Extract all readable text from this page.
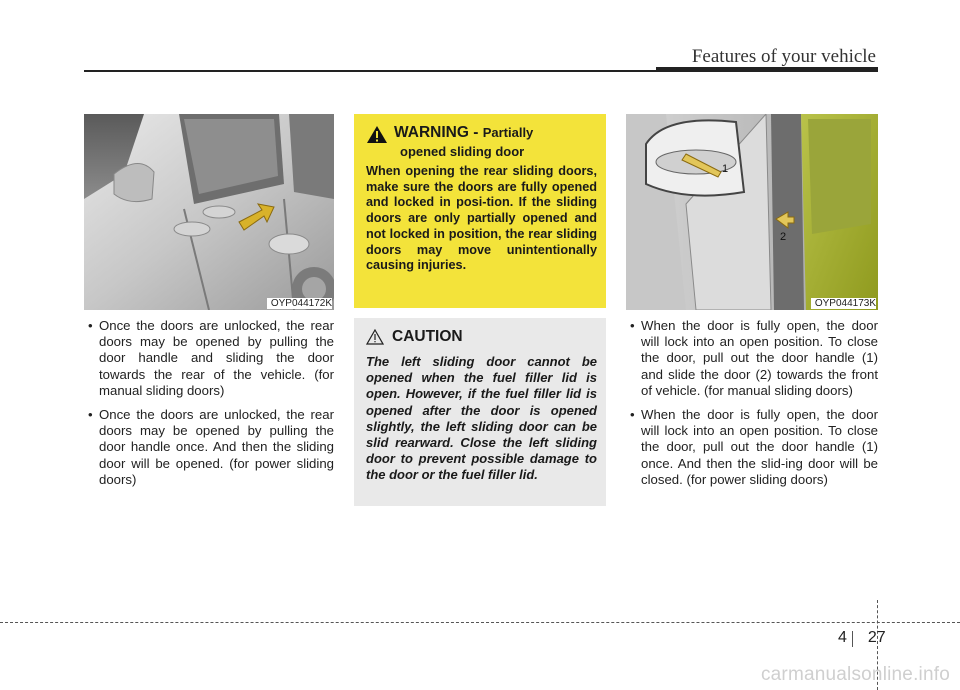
Features of your vehicle
OYP044172K
• Once the doors are unlocked, the rear doors may be opened by pulling the door handle and sliding the door towards the rear of the vehicle. (for manual sliding doors)
• Once the doors are unlocked, the rear doors may be opened by pulling the door handle once. And then the sliding door will be opened. (for power sliding doors)
WARNING - Partially
opened sliding door
When opening the rear sliding doors, make sure the doors are fully opened and locked in posi-tion. If the sliding doors are only partially opened and not locked in position, the rear sliding doors may move unintentionally causing injuries.
CAUTION
The left sliding door cannot be opened when the fuel filler lid is open. However, if the fuel filler lid is opened after the door is opened slightly, the left sliding door can be slid rearward. Close the left sliding door to prevent possible damage to the door or the fuel filler lid.
1
2
OYP044173K
• When the door is fully open, the door will lock into an open position. To close the door, pull out the door handle (1) and slide the door (2) towards the front of vehicle. (for manual sliding doors)
• When the door is fully open, the door will lock into an open position. To close the door, pull out the door handle (1) once. And then the slid-ing door will be closed. (for power sliding doors)
4 27
carmanualsonline.info
